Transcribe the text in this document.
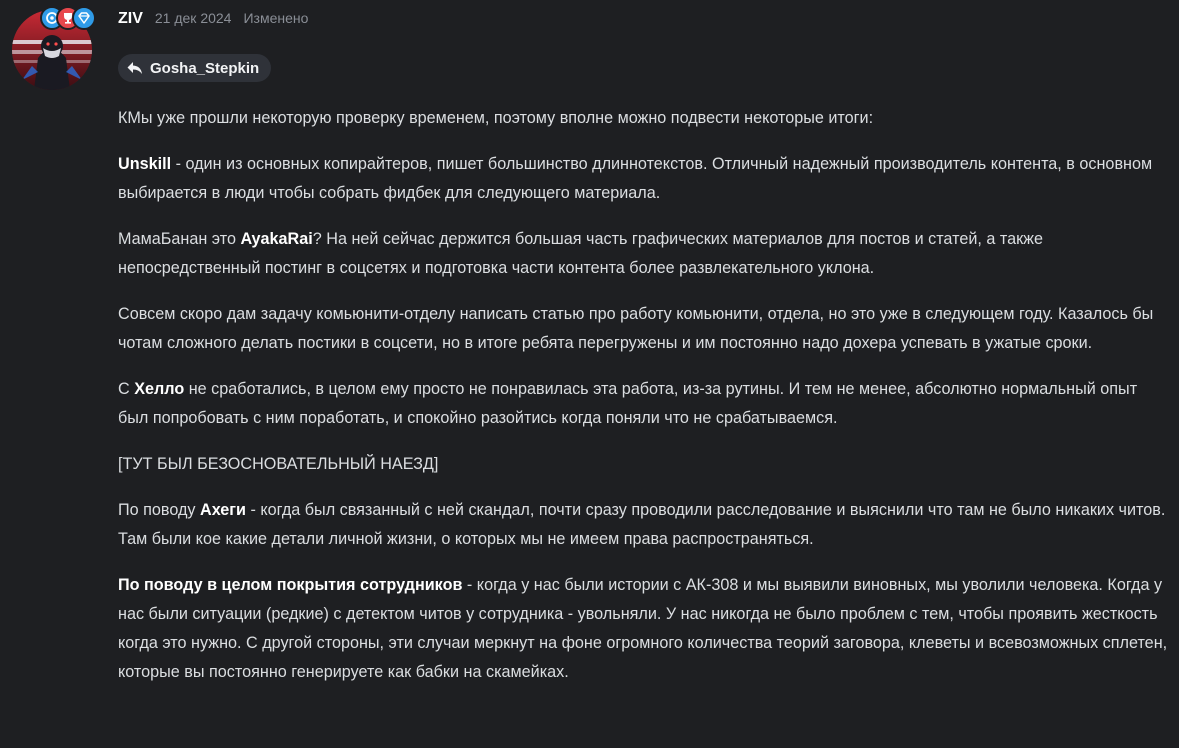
ZIV 21 дек 2024 Изменено
Gosha_Stepkin

КМы уже прошли некоторую проверку временем, поэтому вполне можно подвести некоторые итоги:

Unskill - один из основных копирайтеров, пишет большинство длиннотекстов. Отличный надежный производитель контента, в основном выбирается в люди чтобы собрать фидбек для следующего материала.

МамаБанан это AyakaRai? На ней сейчас держится большая часть графических материалов для постов и статей, а также непосредственный постинг в соцсетях и подготовка части контента более развлекательного уклона.

Совсем скоро дам задачу комьюнити-отделу написать статью про работу комьюнити, отдела, но это уже в следующем году. Казалось бы чотам сложного делать постики в соцсети, но в итоге ребята перегружены и им постоянно надо дохера успевать в ужатые сроки.

С Хелло не сработались, в целом ему просто не понравилась эта работа, из-за рутины. И тем не менее, абсолютно нормальный опыт был попробовать с ним поработать, и спокойно разойтись когда поняли что не срабатываемся.

[ТУТ БЫЛ БЕЗОСНОВАТЕЛЬНЫЙ НАЕЗД]

По поводу Ахеги - когда был связанный с ней скандал, почти сразу проводили расследование и выяснили что там не было никаких читов. Там были кое какие детали личной жизни, о которых мы не имеем права распространяться.

По поводу в целом покрытия сотрудников - когда у нас были истории с АК-308 и мы выявили виновных, мы уволили человека. Когда у нас были ситуации (редкие) с детектом читов у сотрудника - увольняли. У нас никогда не было проблем с тем, чтобы проявить жесткость когда это нужно. С другой стороны, эти случаи меркнут на фоне огромного количества теорий заговора, клеветы и всевозможных сплетен, которые вы постоянно генерируете как бабки на скамейках.
